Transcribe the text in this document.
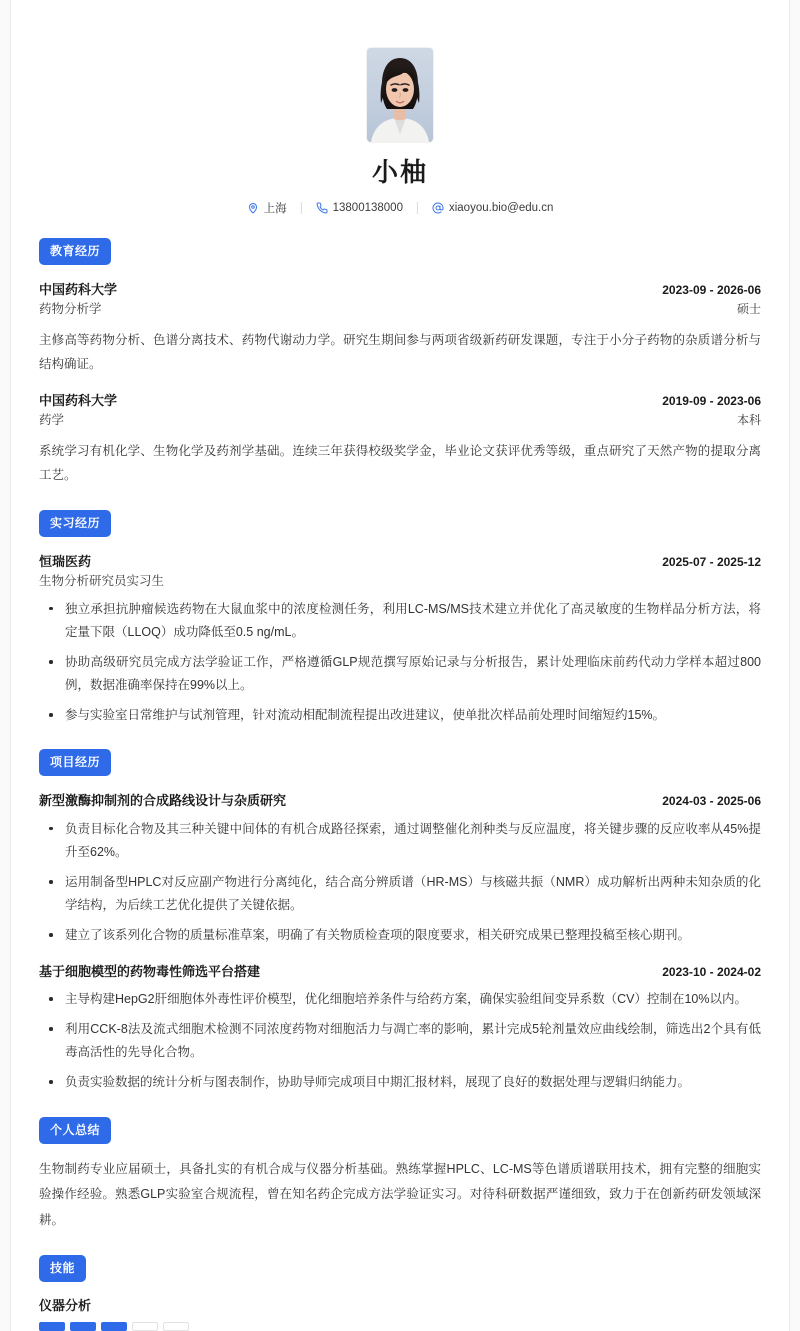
小柚
上海	13800138000	xiaoyou.bio@edu.cn
教育经历
中国药科大学	2023-09 - 2026-06
药物分析学	硕士
主修高等药物分析、色谱分离技术、药物代谢动力学。研究生期间参与两项省级新药研发课题，专注于小分子药物的杂质谱分析与结构确证。
中国药科大学	2019-09 - 2023-06
药学	本科
系统学习有机化学、生物化学及药剂学基础。连续三年获得校级奖学金，毕业论文获评优秀等级，重点研究了天然产物的提取分离工艺。
实习经历
恒瑞医药	2025-07 - 2025-12
生物分析研究员实习生
独立承担抗肿瘤候选药物在大鼠血浆中的浓度检测任务，利用LC-MS/MS技术建立并优化了高灵敏度的生物样品分析方法，将定量下限（LLOQ）成功降低至0.5 ng/mL。
协助高级研究员完成方法学验证工作，严格遵循GLP规范撰写原始记录与分析报告，累计处理临床前药代动力学样本超过800例，数据准确率保持在99%以上。
参与实验室日常维护与试剂管理，针对流动相配制流程提出改进建议，使单批次样品前处理时间缩短约15%。
项目经历
新型激酶抑制剂的合成路线设计与杂质研究	2024-03 - 2025-06
负责目标化合物及其三种关键中间体的有机合成路径探索，通过调整催化剂种类与反应温度，将关键步骤的反应收率从45%提升至62%。
运用制备型HPLC对反应副产物进行分离纯化，结合高分辨质谱（HR-MS）与核磁共振（NMR）成功解析出两种未知杂质的化学结构，为后续工艺优化提供了关键依据。
建立了该系列化合物的质量标准草案，明确了有关物质检查项的限度要求，相关研究成果已整理投稿至核心期刊。
基于细胞模型的药物毒性筛选平台搭建	2023-10 - 2024-02
主导构建HepG2肝细胞体外毒性评价模型，优化细胞培养条件与给药方案，确保实验组间变异系数（CV）控制在10%以内。
利用CCK-8法及流式细胞术检测不同浓度药物对细胞活力与凋亡率的影响，累计完成5轮剂量效应曲线绘制，筛选出2个具有低毒高活性的先导化合物。
负责实验数据的统计分析与图表制作，协助导师完成项目中期汇报材料，展现了良好的数据处理与逻辑归纳能力。
个人总结
生物制药专业应届硕士，具备扎实的有机合成与仪器分析基础。熟练掌握HPLC、LC-MS等色谱质谱联用技术，拥有完整的细胞实验操作经验。熟悉GLP实验室合规流程，曾在知名药企完成方法学验证实习。对待科研数据严谨细致，致力于在创新药研发领域深耕。
技能
仪器分析
